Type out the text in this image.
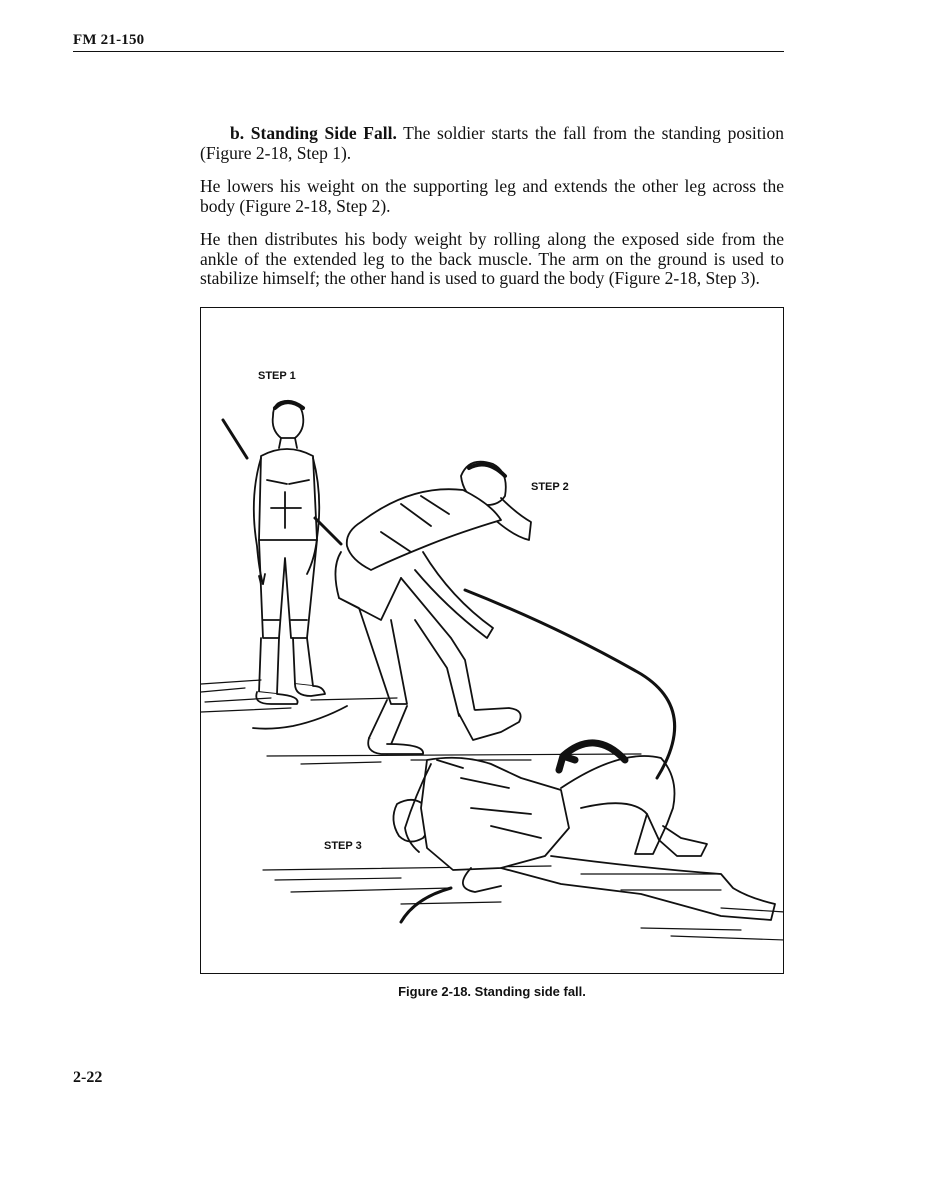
FM 21-150

b. Standing Side Fall. The soldier starts the fall from the standing position (Figure 2-18, Step 1).

He lowers his weight on the supporting leg and extends the other leg across the body (Figure 2-18, Step 2).

He then distributes his body weight by rolling along the exposed side from the ankle of the extended leg to the back muscle. The arm on the ground is used to stabilize himself; the other hand is used to guard the body (Figure 2-18, Step 3).

STEP 1
STEP 2
STEP 3
Figure 2-18. Standing side fall.
2-22
